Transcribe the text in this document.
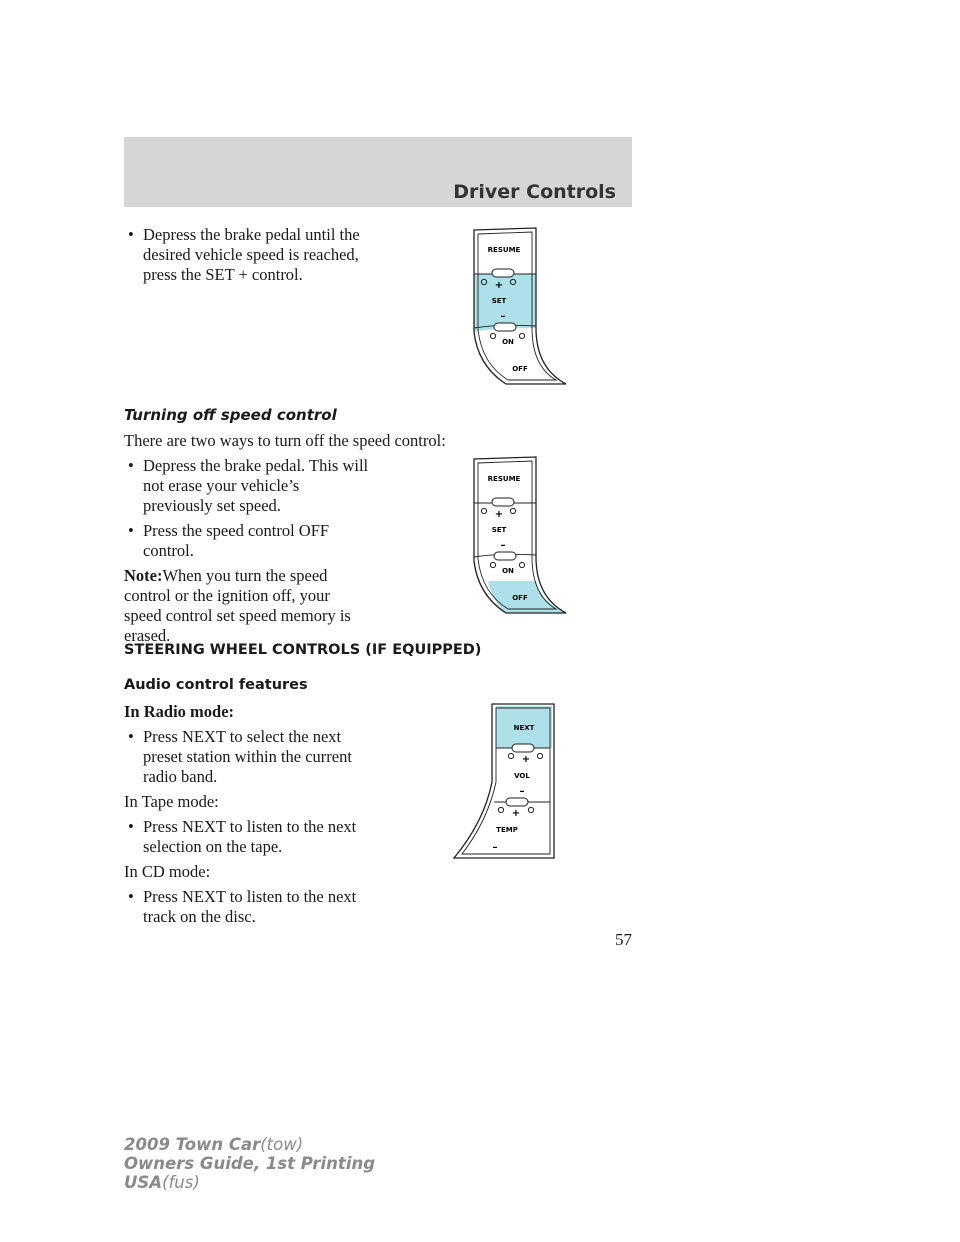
Driver Controls
• Depress the brake pedal until the
desired vehicle speed is reached,
press the SET + control.
Turning off speed control
There are two ways to turn off the speed control:
• Depress the brake pedal. This will
not erase your vehicle’s
previously set speed.
• Press the speed control OFF
control.
Note:When you turn the speed
control or the ignition off, your
speed control set speed memory is
erased.
STEERING WHEEL CONTROLS (IF EQUIPPED)
Audio control features
In Radio mode:
• Press NEXT to select the next
preset station within the current
radio band.
In Tape mode:
• Press NEXT to listen to the next
selection on the tape.
In CD mode:
• Press NEXT to listen to the next
track on the disc.
RESUME
+
SET
–
ON
OFF
RESUME
+
SET
–
ON
OFF
NEXT
+
VOL
–
+
TEMP
–
57
2009 Town Car(tow)
Owners Guide, 1st Printing
USA(fus)
